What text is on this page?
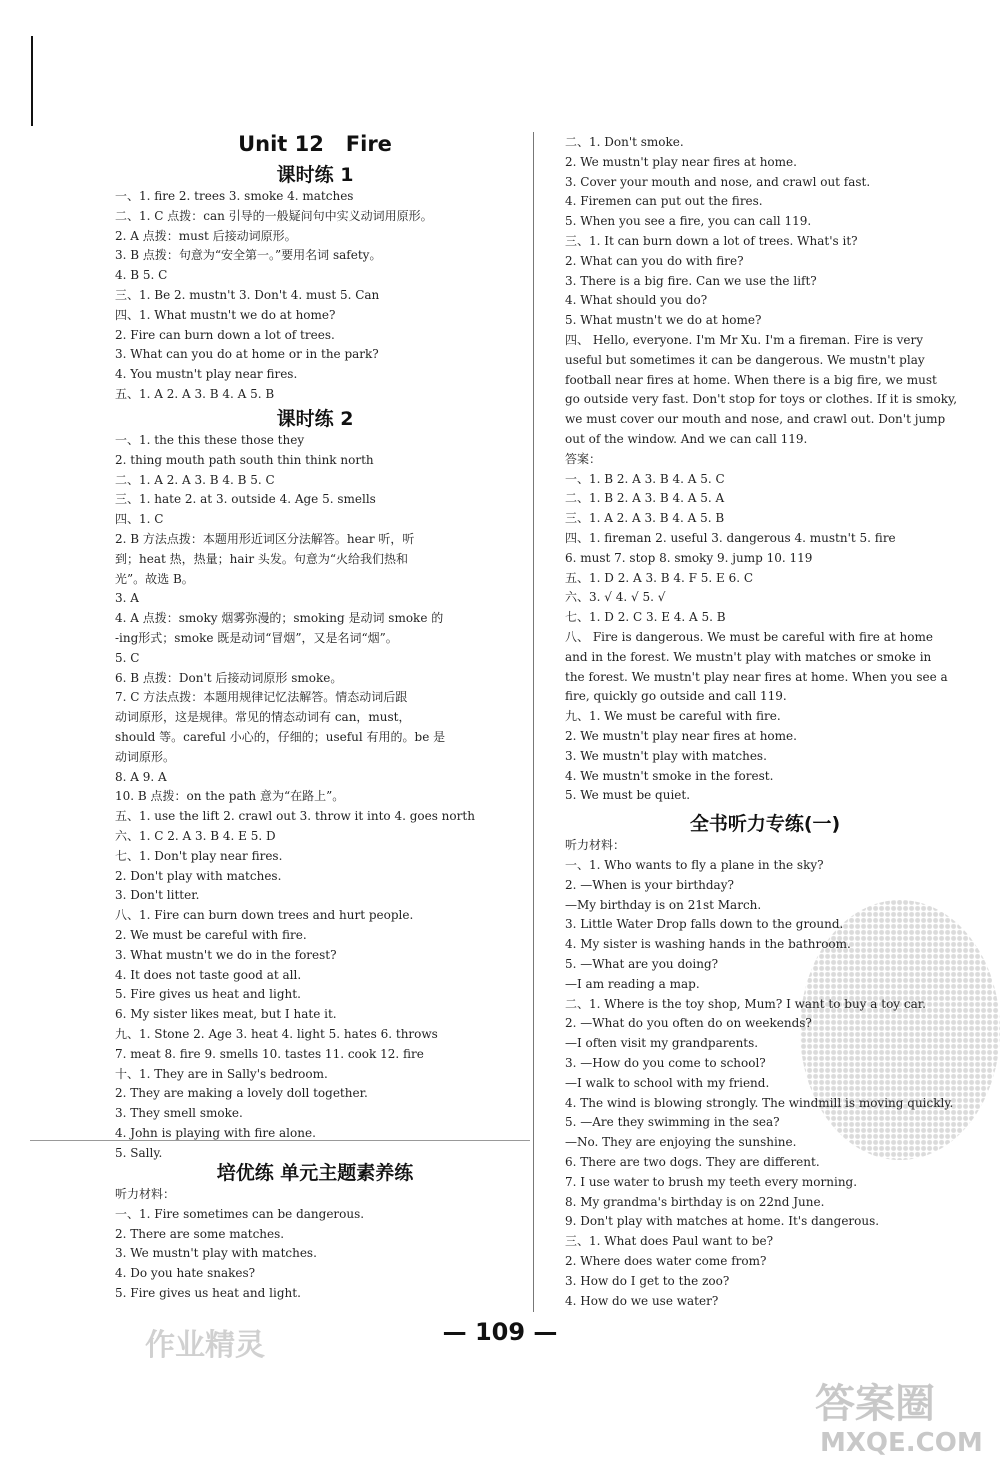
Unit 12   Fire
课时练 1
一、1. fire 2. trees 3. smoke 4. matches
二、1. C 点拨：can 引导的一般疑问句中实义动词用原形。
2. A 点拨：must 后接动词原形。
3. B 点拨：句意为“安全第一。”要用名词 safety。
4. B 5. C
三、1. Be 2. mustn't 3. Don't 4. must 5. Can
四、1. What mustn't we do at home?
2. Fire can burn down a lot of trees.
3. What can you do at home or in the park?
4. You mustn't play near fires.
五、1. A 2. A 3. B 4. A 5. B
课时练 2
一、1. the this these those they
2. thing mouth path south thin think north
二、1. A 2. A 3. B 4. B 5. C
三、1. hate 2. at 3. outside 4. Age 5. smells
四、1. C
2. B 方法点拨：本题用形近词区分法解答。hear 听，听
到；heat 热，热量；hair 头发。句意为“火给我们热和
光”。故选 B。
3. A
4. A 点拨：smoky 烟雾弥漫的；smoking 是动词 smoke 的
-ing形式；smoke 既是动词“冒烟”，又是名词“烟”。
5. C
6. B 点拨：Don't 后接动词原形 smoke。
7. C 方法点拨：本题用规律记忆法解答。情态动词后跟
动词原形，这是规律。常见的情态动词有 can，must，
should 等。careful 小心的，仔细的；useful 有用的。be 是
动词原形。
8. A 9. A
10. B 点拨：on the path 意为“在路上”。
五、1. use the lift 2. crawl out 3. throw it into 4. goes north
六、1. C 2. A 3. B 4. E 5. D
七、1. Don't play near fires.
2. Don't play with matches.
3. Don't litter.
八、1. Fire can burn down trees and hurt people.
2. We must be careful with fire.
3. What mustn't we do in the forest?
4. It does not taste good at all.
5. Fire gives us heat and light.
6. My sister likes meat, but I hate it.
九、1. Stone 2. Age 3. heat 4. light 5. hates 6. throws
7. meat 8. fire 9. smells 10. tastes 11. cook 12. fire
十、1. They are in Sally's bedroom.
2. They are making a lovely doll together.
3. They smell smoke.
4. John is playing with fire alone.
5. Sally.
培优练 单元主题素养练
听力材料：
一、1. Fire sometimes can be dangerous.
2. There are some matches.
3. We mustn't play with matches.
4. Do you hate snakes?
5. Fire gives us heat and light.
二、1. Don't smoke.
2. We mustn't play near fires at home.
3. Cover your mouth and nose, and crawl out fast.
4. Firemen can put out the fires.
5. When you see a fire, you can call 119.
三、1. It can burn down a lot of trees. What's it?
2. What can you do with fire?
3. There is a big fire. Can we use the lift?
4. What should you do?
5. What mustn't we do at home?
四、 Hello, everyone. I'm Mr Xu. I'm a fireman. Fire is very
useful but sometimes it can be dangerous. We mustn't play
football near fires at home. When there is a big fire, we must
go outside very fast. Don't stop for toys or clothes. If it is smoky,
we must cover our mouth and nose, and crawl out. Don't jump
out of the window. And we can call 119.
答案：
一、1. B 2. A 3. B 4. A 5. C
二、1. B 2. A 3. B 4. A 5. A
三、1. A 2. A 3. B 4. A 5. B
四、1. fireman 2. useful 3. dangerous 4. mustn't 5. fire
6. must 7. stop 8. smoky 9. jump 10. 119
五、1. D 2. A 3. B 4. F 5. E 6. C
六、3. √ 4. √ 5. √
七、1. D 2. C 3. E 4. A 5. B
八、 Fire is dangerous. We must be careful with fire at home
and in the forest. We mustn't play with matches or smoke in
the forest. We mustn't play near fires at home. When you see a
fire, quickly go outside and call 119.
九、1. We must be careful with fire.
2. We mustn't play near fires at home.
3. We mustn't play with matches.
4. We mustn't smoke in the forest.
5. We must be quiet.
全书听力专练(一)
听力材料：
一、1. Who wants to fly a plane in the sky?
2. —When is your birthday?
—My birthday is on 21st March.
3. Little Water Drop falls down to the ground.
4. My sister is washing hands in the bathroom.
5. —What are you doing?
—I am reading a map.
二、1. Where is the toy shop, Mum? I want to buy a toy car.
2. —What do you often do on weekends?
—I often visit my grandparents.
3. —How do you come to school?
—I walk to school with my friend.
4. The wind is blowing strongly. The windmill is moving quickly.
5. —Are they swimming in the sea?
—No. They are enjoying the sunshine.
6. There are two dogs. They are different.
7. I use water to brush my teeth every morning.
8. My grandma's birthday is on 22nd June.
9. Don't play with matches at home. It's dangerous.
三、1. What does Paul want to be?
2. Where does water come from?
3. How do I get to the zoo?
4. How do we use water?
— 109 —
作业精灵
答案圈
MXQE.COM
